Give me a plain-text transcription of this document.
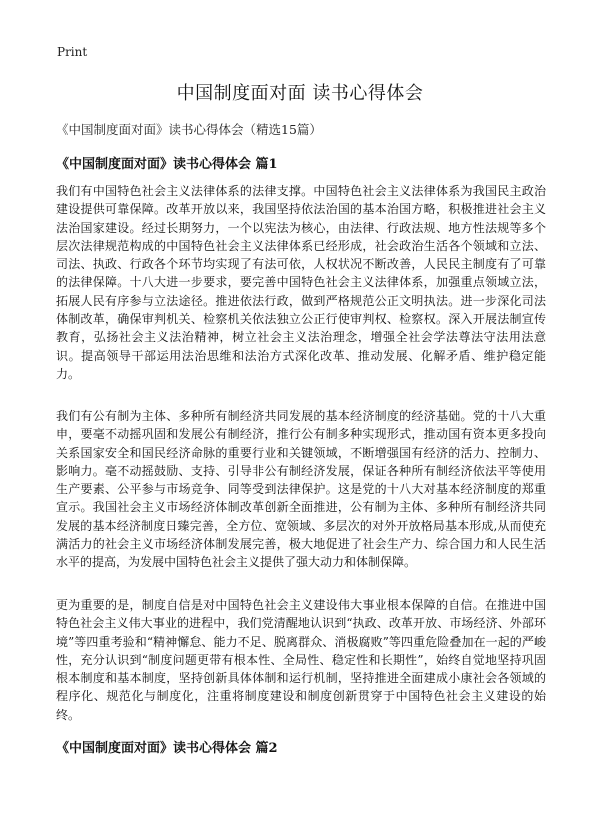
Print
中国制度面对面 读书心得体会
《中国制度面对面》读书心得体会（精选15篇）
《中国制度面对面》读书心得体会 篇1

我们有中国特色社会主义法律体系的法律支撑。中国特色社会主义法律体系为我国民主政治建设提供可靠保障。改革开放以来，我国坚持依法治国的基本治国方略，积极推进社会主义法治国家建设。经过长期努力，一个以宪法为核心，由法律、行政法规、地方性法规等多个层次法律规范构成的中国特色社会主义法律体系已经形成，社会政治生活各个领域和立法、司法、执政、行政各个环节均实现了有法可依，人权状况不断改善，人民民主制度有了可靠的法律保障。十八大进一步要求，要完善中国特色社会主义法律体系，加强重点领域立法，拓展人民有序参与立法途径。推进依法行政，做到严格规范公正文明执法。进一步深化司法体制改革，确保审判机关、检察机关依法独立公正行使审判权、检察权。深入开展法制宣传教育，弘扬社会主义法治精神，树立社会主义法治理念，增强全社会学法尊法守法用法意识。提高领导干部运用法治思维和法治方式深化改革、推动发展、化解矛盾、维护稳定能力。

我们有公有制为主体、多种所有制经济共同发展的基本经济制度的经济基础。党的十八大重申，要毫不动摇巩固和发展公有制经济，推行公有制多种实现形式，推动国有资本更多投向关系国家安全和国民经济命脉的重要行业和关键领域，不断增强国有经济的活力、控制力、影响力。毫不动摇鼓励、支持、引导非公有制经济发展，保证各种所有制经济依法平等使用生产要素、公平参与市场竞争、同等受到法律保护。这是党的十八大对基本经济制度的郑重宣示。我国社会主义市场经济体制改革创新全面推进，公有制为主体、多种所有制经济共同发展的基本经济制度日臻完善，全方位、宽领域、多层次的对外开放格局基本形成,从而使充满活力的社会主义市场经济体制发展完善，极大地促进了社会生产力、综合国力和人民生活水平的提高，为发展中国特色社会主义提供了强大动力和体制保障。

更为重要的是，制度自信是对中国特色社会主义建设伟大事业根本保障的自信。在推进中国特色社会主义伟大事业的进程中，我们党清醒地认识到“执政、改革开放、市场经济、外部环境”等四重考验和“精神懈怠、能力不足、脱离群众、消极腐败”等四重危险叠加在一起的严峻性，充分认识到“制度问题更带有根本性、全局性、稳定性和长期性”，始终自觉地坚持巩固根本制度和基本制度，坚持创新具体体制和运行机制，坚持推进全面建成小康社会各领域的程序化、规范化与制度化，注重将制度建设和制度创新贯穿于中国特色社会主义建设的始终。

《中国制度面对面》读书心得体会 篇2
